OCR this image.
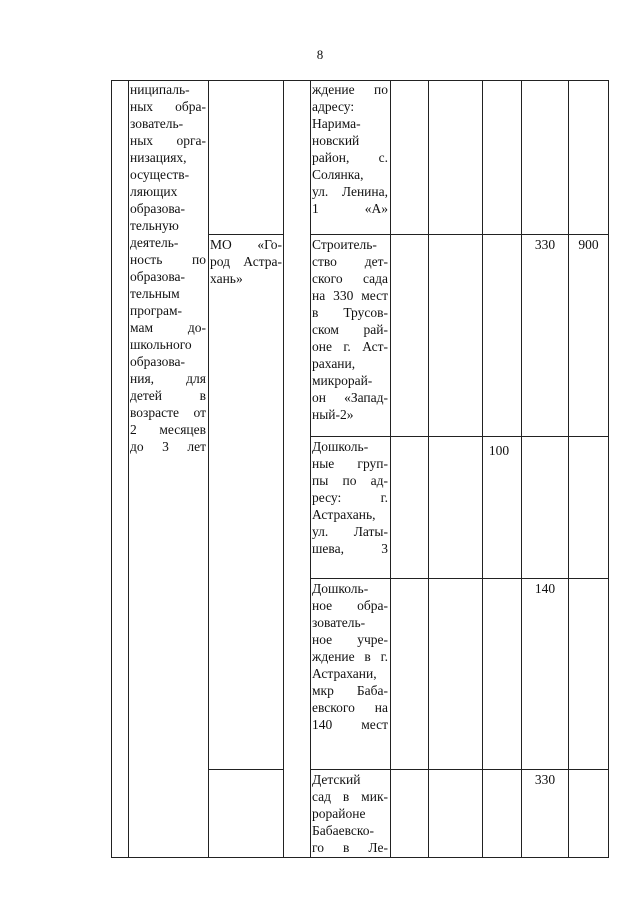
8
ниципаль-
ных обра-
зователь-
ных орга-
низациях,
осуществ-
ляющих
образова-
тельную
деятель-
ность по
образова-
тельным
програм-
мам до-
школьного
образова-
ния, для
детей в
возрасте от
2 месяцев
до 3 лет
МО «Го-
род Астра-
хань»
ждение по
адресу:
Нарима-
новский
район, с.
Солянка,
ул. Ленина,
1 «А»
Строитель-
ство дет-
ского сада
на 330 мест
в Трусов-
ском рай-
оне г. Аст-
рахани,
микрорай-
он «Запад-
ный-2»
Дошколь-
ные груп-
пы по ад-
ресу: г.
Астрахань,
ул. Латы-
шева, 3
Дошколь-
ное обра-
зователь-
ное учре-
ждение в г.
Астрахани,
мкр Баба-
евского на
140 мест
Детский
сад в мик-
рорайоне
Бабаевско-
го в Ле-
100
330	900
140
330
